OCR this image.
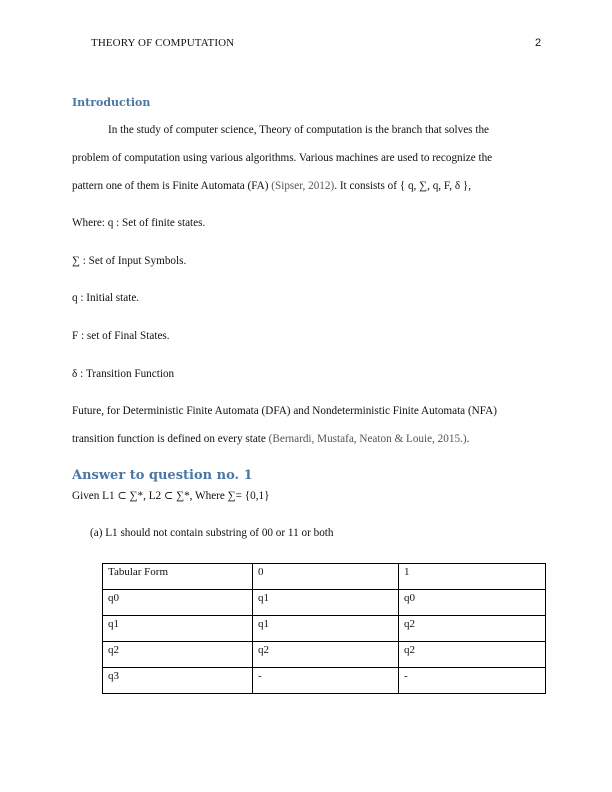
THEORY OF COMPUTATION	2
Introduction
In the study of computer science, Theory of computation is the branch that solves the
problem of computation using various algorithms. Various machines are used to recognize the
pattern one of them is Finite Automata (FA) (Sipser, 2012). It consists of { q, ∑, q, F, δ },
Where: q : Set of finite states.
∑ : Set of Input Symbols.
q : Initial state.
F : set of Final States.
δ : Transition Function
Future, for Deterministic Finite Automata (DFA) and Nondeterministic Finite Automata (NFA)
transition function is defined on every state (Bernardi, Mustafa, Neaton & Louie, 2015.).
Answer to question no. 1
Given L1 ⊂ ∑*, L2 ⊂ ∑*, Where ∑= {0,1}
(a) L1 should not contain substring of 00 or 11 or both
Tabular Form	0	1
q0	q1	q0
q1	q1	q2
q2	q2	q2
q3	-	-
